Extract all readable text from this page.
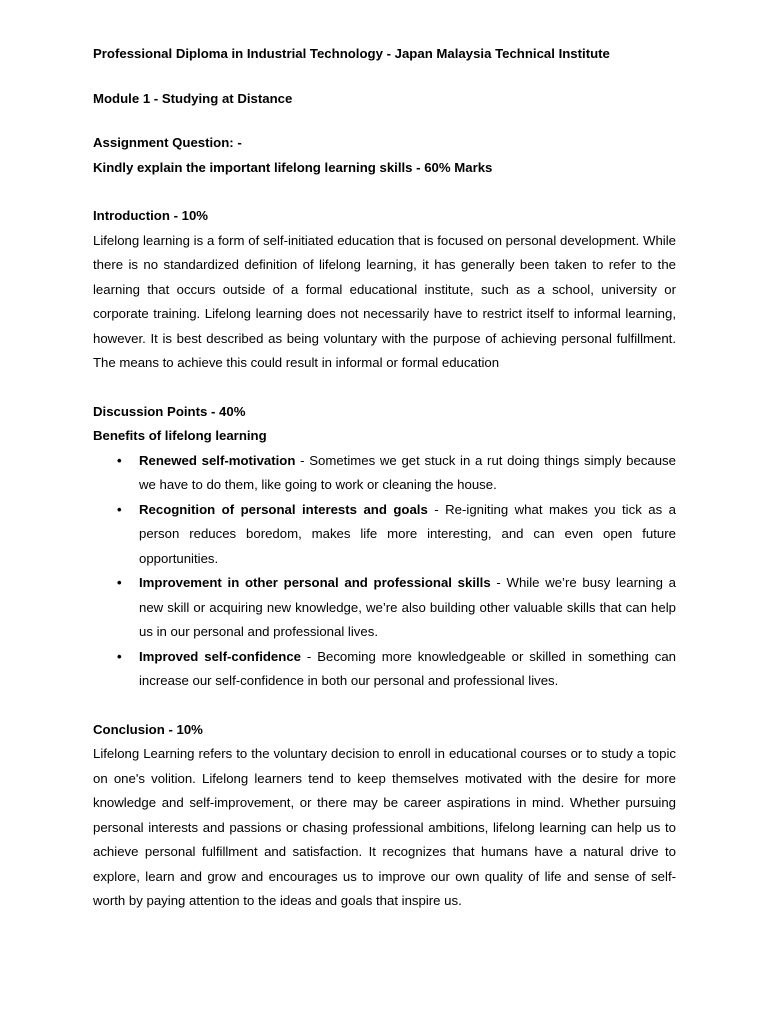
Professional Diploma in Industrial Technology - Japan Malaysia Technical Institute

Module 1 - Studying at Distance

Assignment Question: -

Kindly explain the important lifelong learning skills - 60% Marks

Introduction - 10%

Lifelong learning is a form of self-initiated education that is focused on personal development. While there is no standardized definition of lifelong learning, it has generally been taken to refer to the learning that occurs outside of a formal educational institute, such as a school, university or corporate training. Lifelong learning does not necessarily have to restrict itself to informal learning, however. It is best described as being voluntary with the purpose of achieving personal fulfillment. The means to achieve this could result in informal or formal education

Discussion Points - 40%

Benefits of lifelong learning

• Renewed self-motivation - Sometimes we get stuck in a rut doing things simply because we have to do them, like going to work or cleaning the house.
• Recognition of personal interests and goals - Re-igniting what makes you tick as a person reduces boredom, makes life more interesting, and can even open future opportunities.
• Improvement in other personal and professional skills - While we’re busy learning a new skill or acquiring new knowledge, we’re also building other valuable skills that can help us in our personal and professional lives.
• Improved self-confidence - Becoming more knowledgeable or skilled in something can increase our self-confidence in both our personal and professional lives.

Conclusion - 10%

Lifelong Learning refers to the voluntary decision to enroll in educational courses or to study a topic on one's volition. Lifelong learners tend to keep themselves motivated with the desire for more knowledge and self-improvement, or there may be career aspirations in mind. Whether pursuing personal interests and passions or chasing professional ambitions, lifelong learning can help us to achieve personal fulfillment and satisfaction. It recognizes that humans have a natural drive to explore, learn and grow and encourages us to improve our own quality of life and sense of self-worth by paying attention to the ideas and goals that inspire us.
